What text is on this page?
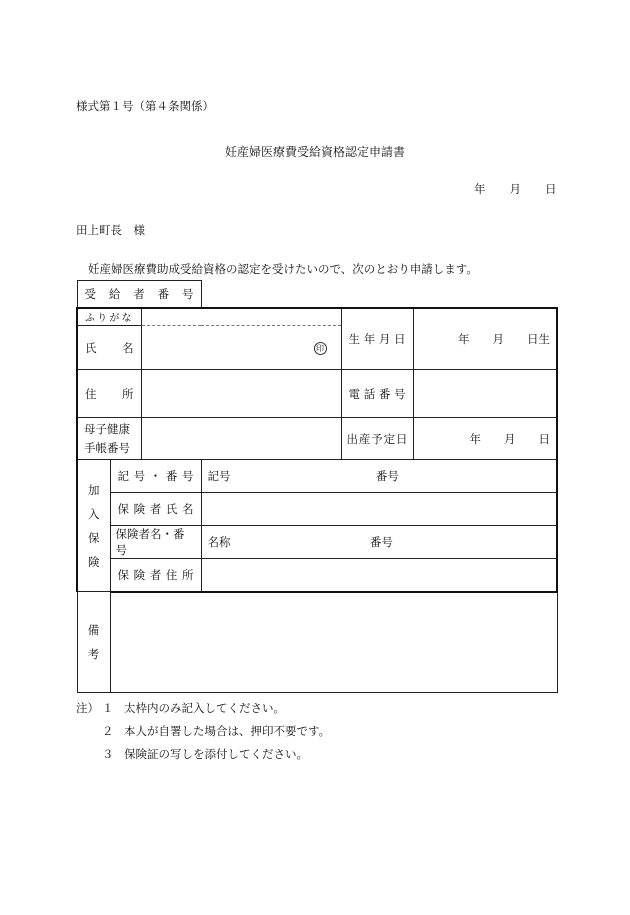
様式第１号（第４条関係）
妊産婦医療費受給資格認定申請書
年 月 日
田上町長　様
妊産婦医療費助成受給資格の認定を受けたいので、次のとおり申請します。
受給者番号					
ふりがな				生年月日	年   月   日生
氏名		印			
住所				電話番号	

母子健康
手帳番号				出産予定日	年   月   日

加
入
保
険	記号・番号		記号 番号		
	保険者氏名				
	保険者名・番号		名称 番号		
	保険者住所				

備
考					

注） １ 太枠内のみ記入してください。
２ 本人が自署した場合は、押印不要です。
３ 保険証の写しを添付してください。
